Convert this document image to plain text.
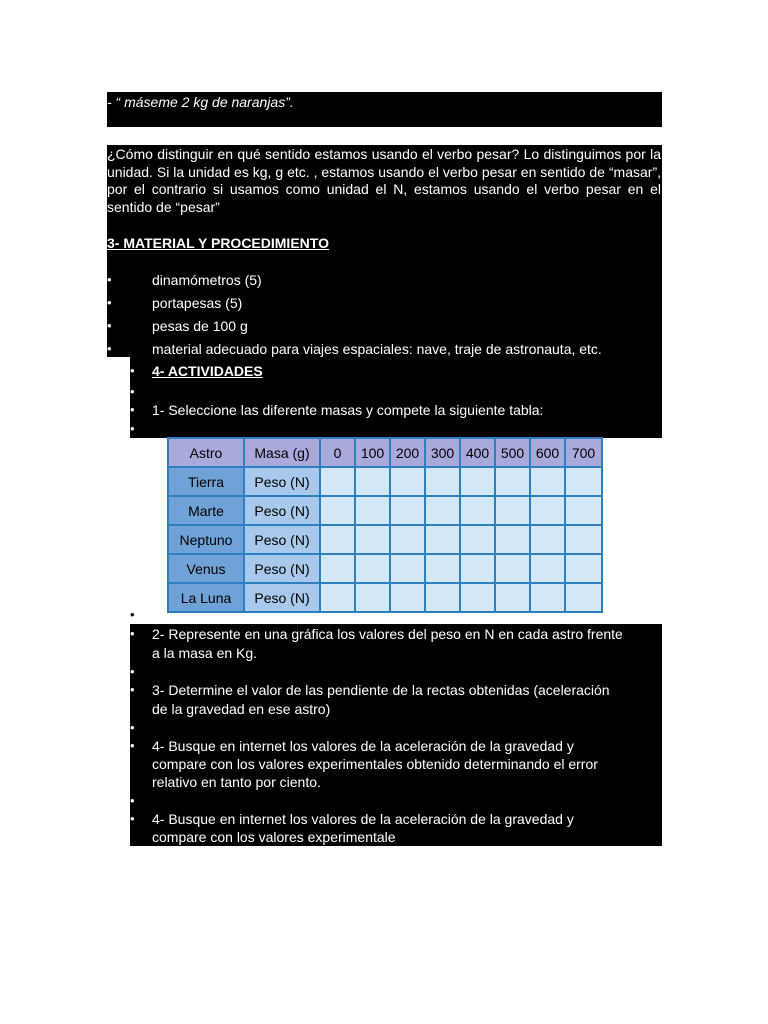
- “ máseme 2 kg de naranjas”.
¿Cómo distinguir en qué sentido estamos usando el verbo pesar? Lo distinguimos por la unidad. Si la unidad es kg, g etc. , estamos usando el verbo pesar en sentido de “masar”, por el contrario si usamos como unidad el N, estamos usando el verbo pesar en el sentido de “pesar”
3- MATERIAL Y PROCEDIMIENTO
•	dinamómetros (5)
•	portapesas (5)
•	pesas de 100 g
•	material adecuado para viajes espaciales: nave, traje de astronauta, etc.
• 4- ACTIVIDADES
•
• 1- Seleccione las diferente masas y compete la siguiente tabla:
•
Astro	Masa (g)	0	100	200	300	400	500	600	700
Tierra	Peso (N)								
Marte	Peso (N)								
Neptuno	Peso (N)								
Venus	Peso (N)								
La Luna	Peso (N)								
•
• 2- Represente en una gráfica los valores del peso en N en cada astro frente
a la masa en Kg.
•
• 3- Determine el valor de las pendiente de la rectas obtenidas (aceleración
de la gravedad en ese astro)
•
• 4- Busque en internet los valores de la aceleración de la gravedad y
compare con los valores experimentales obtenido determinando el error
relativo en tanto por ciento.
•
• 4- Busque en internet los valores de la aceleración de la gravedad y
compare con los valores experimentale
